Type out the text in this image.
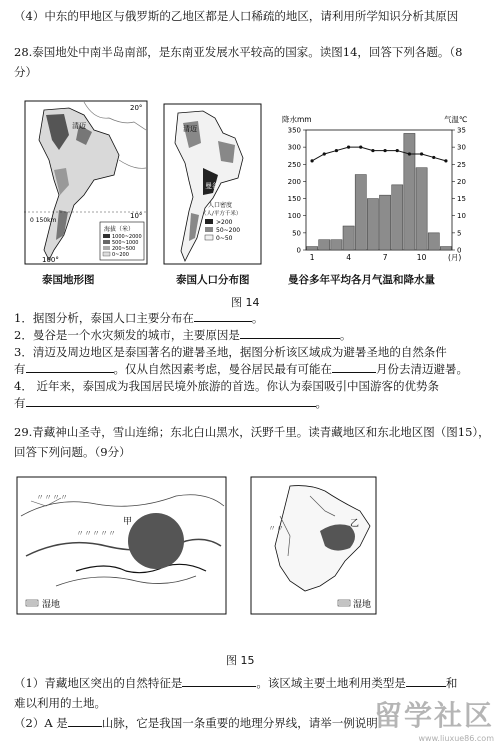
（4）中东的甲地区与俄罗斯的乙地区都是人口稀疏的地区，请利用所学知识分析其原因
28.泰国地处中南半岛南部，是东南亚发展水平较高的国家。读图14，回答下列各题。（8
分）
清迈
20°
10°
100°
0 150km
海拔（米）
1000~2000
500~1000
200~500
0~200
泰国地形图
清迈
曼谷
人口密度
（人/平方千米）
>200
50~200
0~50
泰国人口分布图
降水mm	气温℃
0
50
100
150
200
250
300
350
0
5
10
15
20
25
30
35
1	4	7	10	(月)
曼谷多年平均各月气温和降水量
图 14
1．据图分析，泰国人口主要分布在	。
2．曼谷是一个水灾频发的城市，主要原因是	。
3．清迈及周边地区是泰国著名的避暑圣地，据图分析该区域成为避暑圣地的自然条件
有	。仅从自然因素考虑，曼谷居民最有可能在	月份去清迈避暑。
4． 近年来，泰国成为我国居民境外旅游的首选。你认为泰国吸引中国游客的优势条
有	。
29.青藏神山圣寺，雪山连绵；东北白山黑水，沃野千里。读青藏地区和东北地区图（图15），
回答下列问题。（9分）
甲
〃〃〃〃
〃〃〃〃〃
湿地
乙
〃〃
湿地
图 15
（1）青藏地区突出的自然特征是	。该区域主要土地利用类型是	和
难以利用的土地。
（2）A 是	山脉，它是我国一条重要的地理分界线，请举一例说明
留学社区
www.liuxue86.com
